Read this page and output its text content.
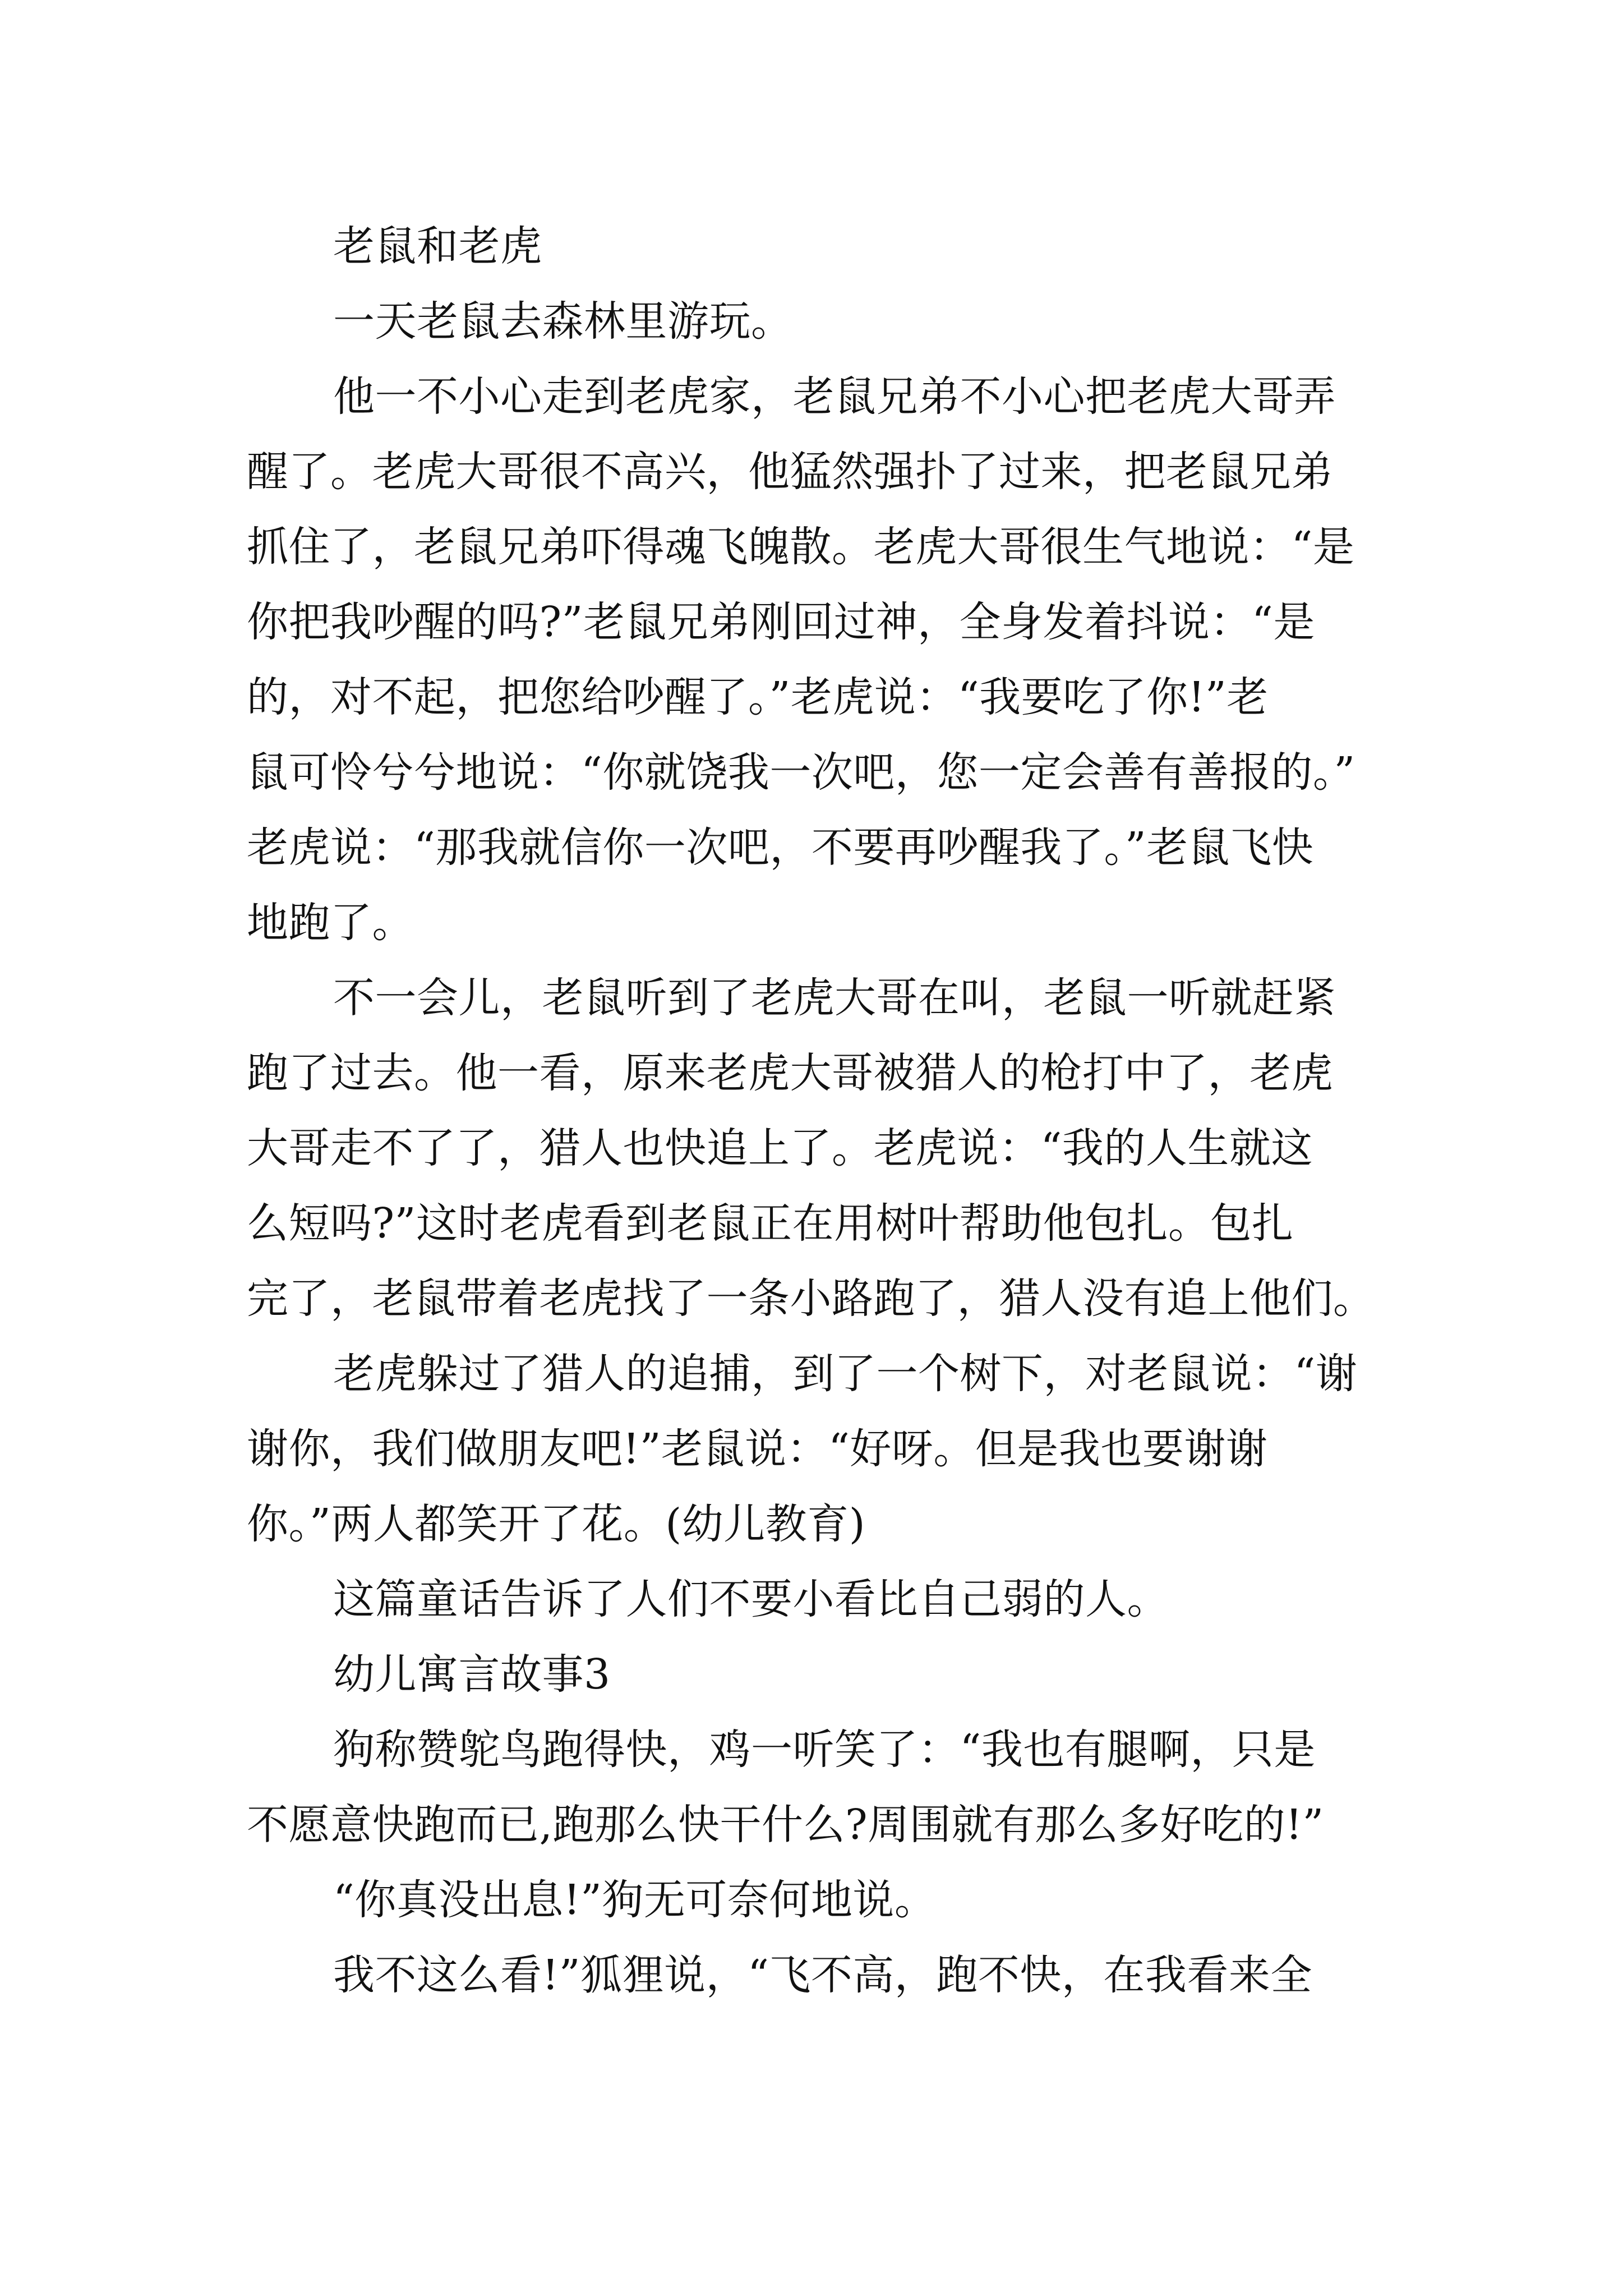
老鼠和老虎
一天老鼠去森林里游玩。
他一不小心走到老虎家，老鼠兄弟不小心把老虎大哥弄
醒了。老虎大哥很不高兴，他猛然强扑了过来，把老鼠兄弟
抓住了，老鼠兄弟吓得魂飞魄散。老虎大哥很生气地说：“是
你把我吵醒的吗?”老鼠兄弟刚回过神，全身发着抖说：“是
的，对不起，把您给吵醒了。”老虎说：“我要吃了你!”老
鼠可怜兮兮地说：“你就饶我一次吧，您一定会善有善报的。”
老虎说：“那我就信你一次吧，不要再吵醒我了。”老鼠飞快
地跑了。
不一会儿，老鼠听到了老虎大哥在叫，老鼠一听就赶紧
跑了过去。他一看，原来老虎大哥被猎人的枪打中了，老虎
大哥走不了了，猎人也快追上了。老虎说：“我的人生就这
么短吗?”这时老虎看到老鼠正在用树叶帮助他包扎。包扎
完了，老鼠带着老虎找了一条小路跑了，猎人没有追上他们。
老虎躲过了猎人的追捕，到了一个树下，对老鼠说：“谢
谢你，我们做朋友吧!”老鼠说：“好呀。但是我也要谢谢
你。”两人都笑开了花。(幼儿教育)
这篇童话告诉了人们不要小看比自己弱的人。
幼儿寓言故事3
狗称赞鸵鸟跑得快，鸡一听笑了：“我也有腿啊，只是
不愿意快跑而已,跑那么快干什么?周围就有那么多好吃的!”
“你真没出息!”狗无可奈何地说。
我不这么看!”狐狸说，“飞不高，跑不快，在我看来全
